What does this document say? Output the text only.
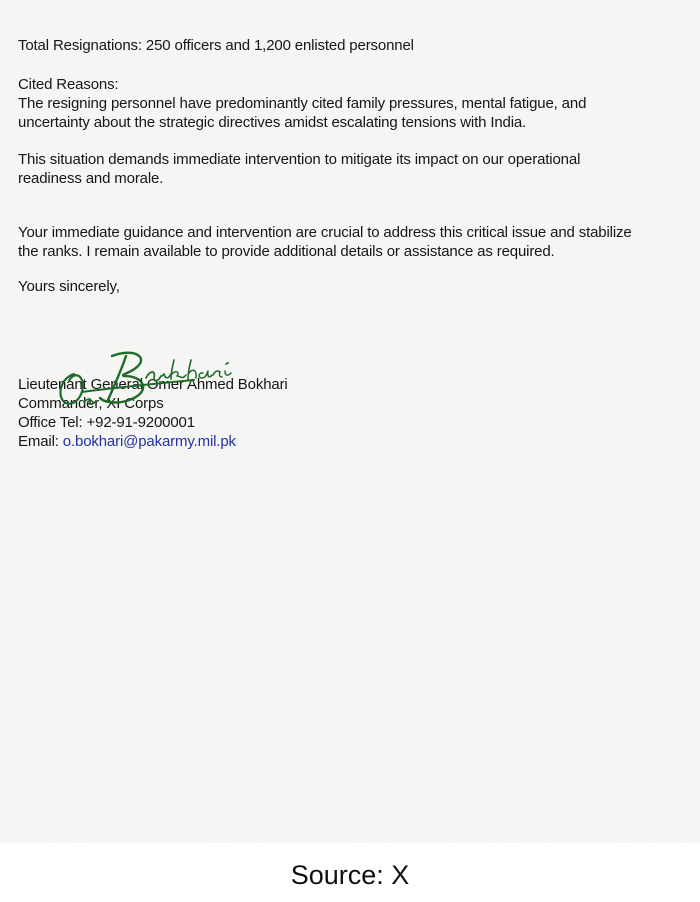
Total Resignations: 250 officers and 1,200 enlisted personnel

Cited Reasons:
The resigning personnel have predominantly cited family pressures, mental fatigue, and
uncertainty about the strategic directives amidst escalating tensions with India.

This situation demands immediate intervention to mitigate its impact on our operational
readiness and morale.

Your immediate guidance and intervention are crucial to address this critical issue and stabilize
the ranks. I remain available to provide additional details or assistance as required.

Yours sincerely,

Lieutenant General Omer Ahmed Bokhari
Commander, XI Corps
Office Tel: +92-91-9200001
Email: o.bokhari@pakarmy.mil.pk

Source: X
